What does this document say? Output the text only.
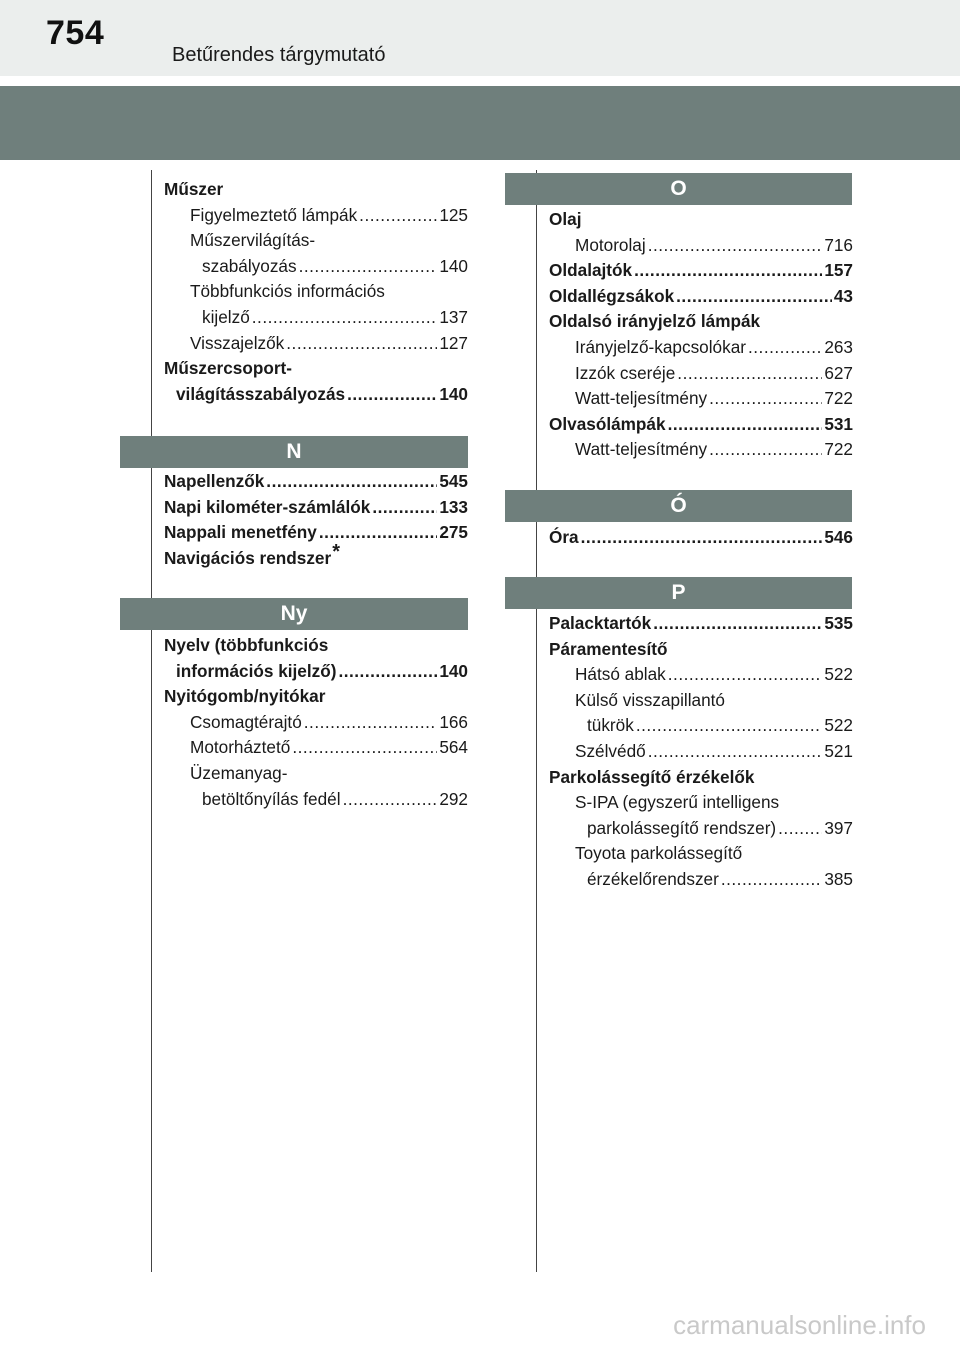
754
Betűrendes tárgymutató
Műszer
Figyelmeztető lámpák .....	125
Műszervilágítás-
szabályozás .....	140
Többfunkciós információs
kijelző .....	137
Visszajelzők .....	127
Műszercsoport-
világításszabályozás .....	140
N
Napellenzők .....	545
Napi kilométer-számlálók .....	133
Nappali menetfény .....	275
Navigációs rendszer*
Ny
Nyelv (többfunkciós
információs kijelző) .....	140
Nyitógomb/nyitókar
Csomagtérajtó .....	166
Motorháztető .....	564
Üzemanyag-
betöltőnyílás fedél .....	292
O
Olaj
Motorolaj .....	716
Oldalajtók .....	157
Oldallégzsákok .....	43
Oldalsó irányjelző lámpák
Irányjelző-kapcsolókar .....	263
Izzók cseréje .....	627
Watt-teljesítmény .....	722
Olvasólámpák .....	531
Watt-teljesítmény .....	722
Ó
Óra .....	546
P
Palacktartók .....	535
Páramentesítő
Hátsó ablak .....	522
Külső visszapillantó
tükrök .....	522
Szélvédő .....	521
Parkolássegítő érzékelők
S-IPA (egyszerű intelligens
parkolássegítő rendszer) .....	397
Toyota parkolássegítő
érzékelőrendszer .....	385
carmanualsonline.info
